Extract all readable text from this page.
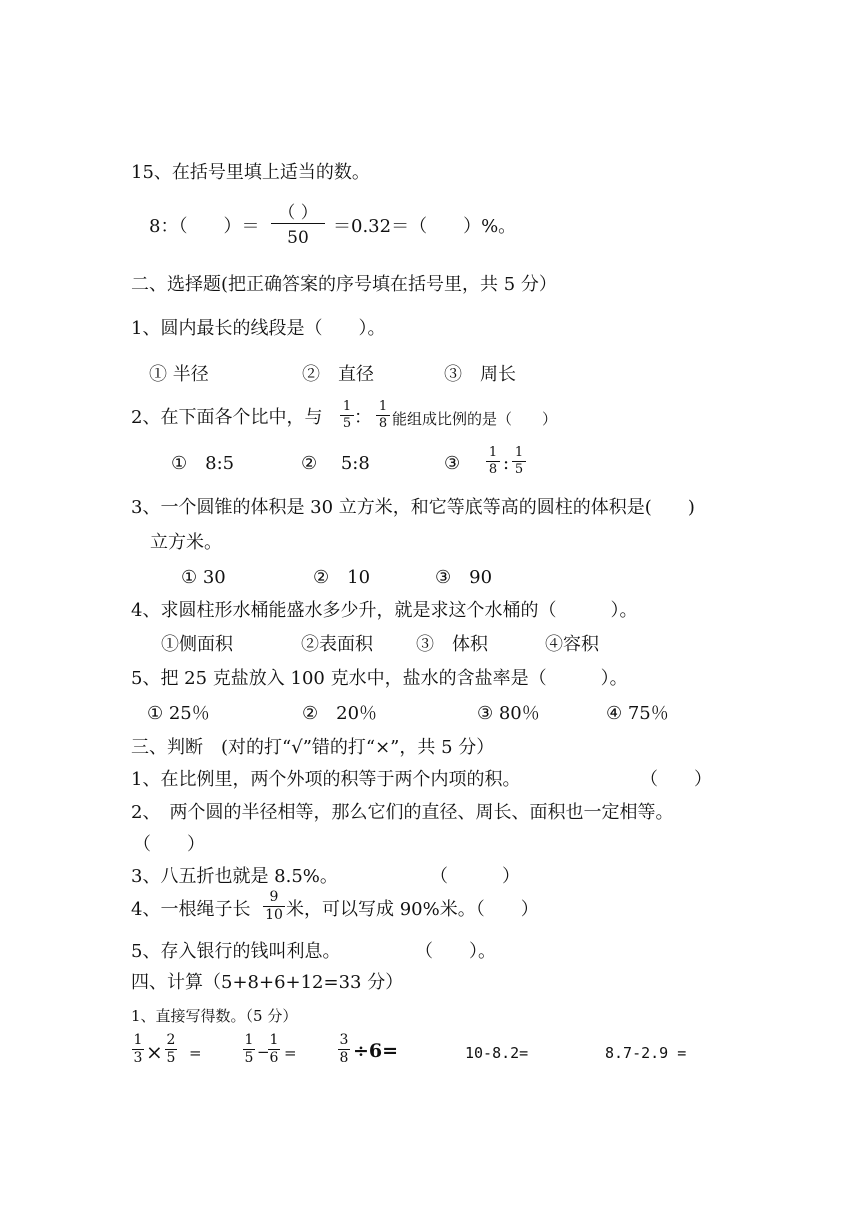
15、在括号里填上适当的数。
8：（　　）＝
（ ）
50
＝0.32＝（　　）%。
二、选择题(把正确答案的序号填在括号里，共 5 分）
1、圆内最长的线段是（　　）。
① 半径	②　直径	③　周长
2、在下面各个比中，与
1
5 ：
1
8 能组成比例的是（　　）
①　8:5	②　 5:8	③
1
8 :
1
5
3、一个圆锥的体积是 30 立方米，和它等底等高的圆柱的体积是(　　)
立方米。
① 30	②　10	③　90
4、求圆柱形水桶能盛水多少升，就是求这个水桶的（　　　）。
①侧面积	②表面积 ③　体积	④容积
5、把 25 克盐放入 100 克水中，盐水的含盐率是（　　　）。
① 25％	②　20％	③ 80％	④ 75％
三、判断　(对的打“√”错的打“×”，共 5 分）
1、在比例里，两个外项的积等于两个内项的积。	（　　）
2、　两个圆的半径相等，那么它们的直径、周长、面积也一定相等。
（　　）
3、八五折也就是 8.5%。	（　　　）
4、一根绳子长
9
10 米，可以写成 90%米。（　　）
5、存入银行的钱叫利息。	（　　）。
四、计算（5+8+6+12=33 分）
1、直接写得数。（5 分）
1
3 × 2
5 =
1
5 −
1
6 =
3
8 ÷6=	10-8.2=	8.7-2.9 =
